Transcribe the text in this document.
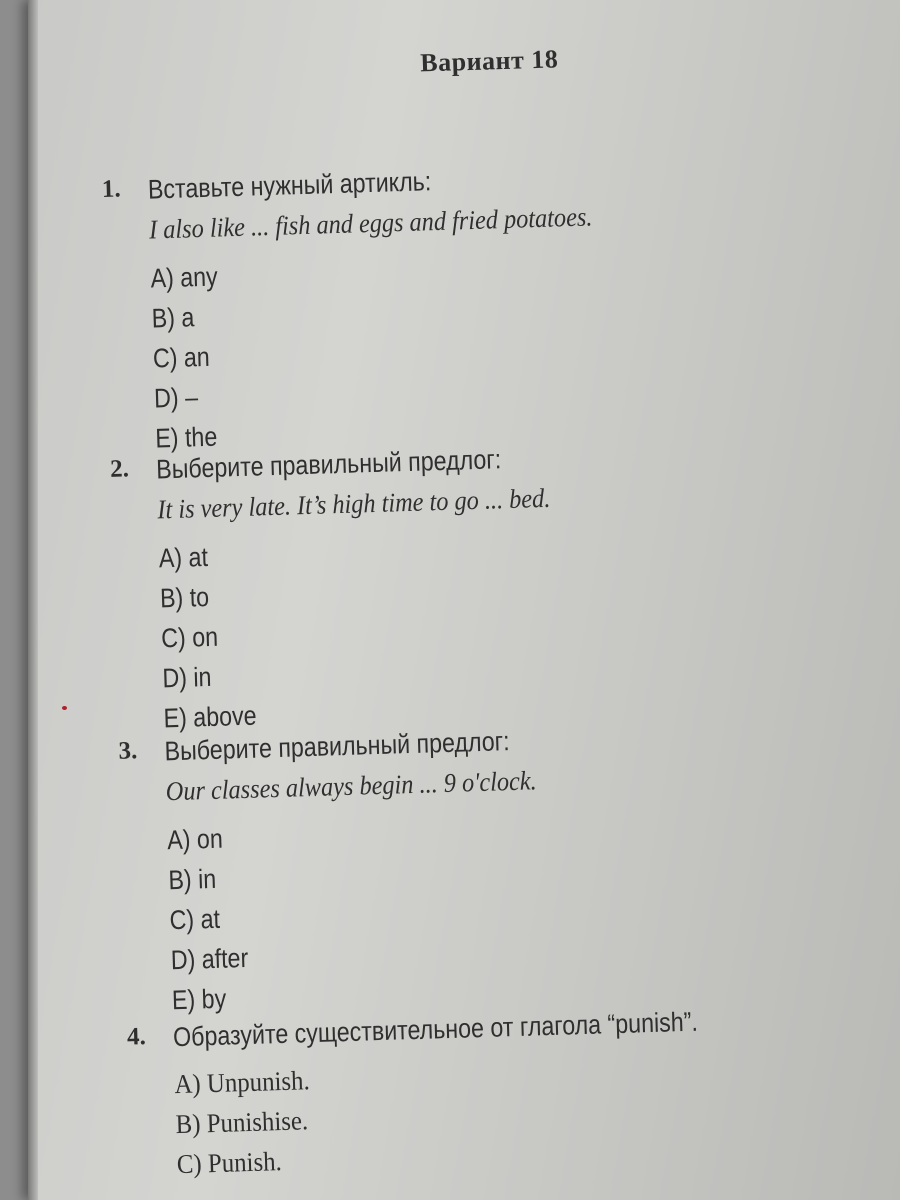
Вариант 18
1. Вставьте нужный артикль:
I also like ... fish and eggs and fried potatoes.
A) any
B) a
C) an
D) –
E) the
2. Выберите правильный предлог:
It is very late. It’s high time to go ... bed.
A) at
B) to
C) on
D) in
E) above
3. Выберите правильный предлог:
Our classes always begin ... 9 o'clock.
A) on
B) in
C) at
D) after
E) by
4. Образуйте существительное от глагола “punish”.
A) Unpunish.
B) Punishise.
C) Punish.
